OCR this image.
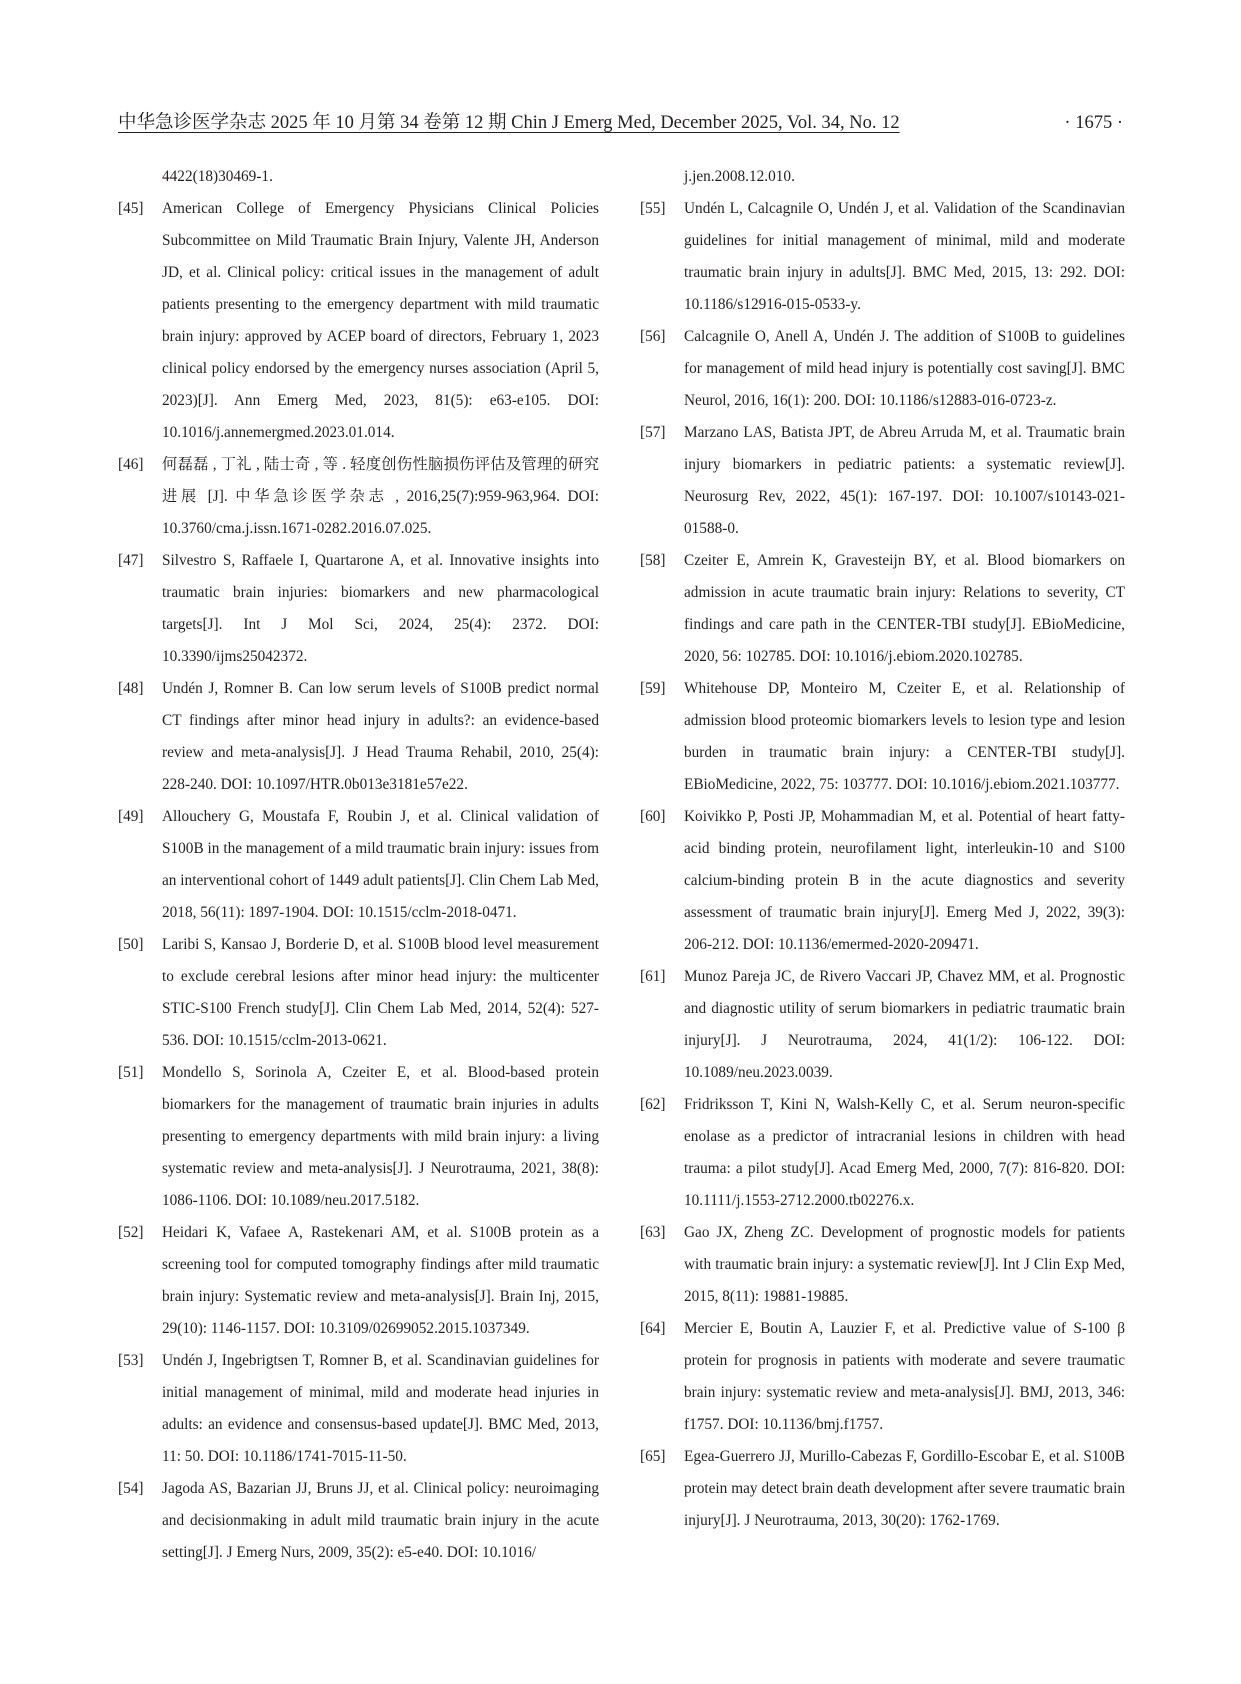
中华急诊医学杂志 2025 年 10 月第 34 卷第 12 期 Chin J Emerg Med, December 2025, Vol. 34, No. 12	· 1675 ·
4422(18)30469-1.
[45] American College of Emergency Physicians Clinical Policies Subcommittee on Mild Traumatic Brain Injury, Valente JH, Anderson JD, et al. Clinical policy: critical issues in the management of adult patients presenting to the emergency department with mild traumatic brain injury: approved by ACEP board of directors, February 1, 2023 clinical policy endorsed by the emergency nurses association (April 5, 2023)[J]. Ann Emerg Med, 2023, 81(5): e63-e105. DOI: 10.1016/j.annemergmed.2023.01.014.
[46] 何磊磊 , 丁礼 , 陆士奇 , 等 . 轻度创伤性脑损伤评估及管理的研究进展 [J]. 中华急诊医学杂志 , 2016,25(7):959-963,964. DOI: 10.3760/cma.j.issn.1671-0282.2016.07.025.
[47] Silvestro S, Raffaele I, Quartarone A, et al. Innovative insights into traumatic brain injuries: biomarkers and new pharmacological targets[J]. Int J Mol Sci, 2024, 25(4): 2372. DOI: 10.3390/ijms25042372.
[48] Undén J, Romner B. Can low serum levels of S100B predict normal CT findings after minor head injury in adults?: an evidence-based review and meta-analysis[J]. J Head Trauma Rehabil, 2010, 25(4): 228-240. DOI: 10.1097/HTR.0b013e3181e57e22.
[49] Allouchery G, Moustafa F, Roubin J, et al. Clinical validation of S100B in the management of a mild traumatic brain injury: issues from an interventional cohort of 1449 adult patients[J]. Clin Chem Lab Med, 2018, 56(11): 1897-1904. DOI: 10.1515/cclm-2018-0471.
[50] Laribi S, Kansao J, Borderie D, et al. S100B blood level measurement to exclude cerebral lesions after minor head injury: the multicenter STIC-S100 French study[J]. Clin Chem Lab Med, 2014, 52(4): 527-536. DOI: 10.1515/cclm-2013-0621.
[51] Mondello S, Sorinola A, Czeiter E, et al. Blood-based protein biomarkers for the management of traumatic brain injuries in adults presenting to emergency departments with mild brain injury: a living systematic review and meta-analysis[J]. J Neurotrauma, 2021, 38(8): 1086-1106. DOI: 10.1089/neu.2017.5182.
[52] Heidari K, Vafaee A, Rastekenari AM, et al. S100B protein as a screening tool for computed tomography findings after mild traumatic brain injury: Systematic review and meta-analysis[J]. Brain Inj, 2015, 29(10): 1146-1157. DOI: 10.3109/02699052.2015.1037349.
[53] Undén J, Ingebrigtsen T, Romner B, et al. Scandinavian guidelines for initial management of minimal, mild and moderate head injuries in adults: an evidence and consensus-based update[J]. BMC Med, 2013, 11: 50. DOI: 10.1186/1741-7015-11-50.
[54] Jagoda AS, Bazarian JJ, Bruns JJ, et al. Clinical policy: neuroimaging and decisionmaking in adult mild traumatic brain injury in the acute setting[J]. J Emerg Nurs, 2009, 35(2): e5-e40. DOI: 10.1016/
j.jen.2008.12.010.
[55] Undén L, Calcagnile O, Undén J, et al. Validation of the Scandinavian guidelines for initial management of minimal, mild and moderate traumatic brain injury in adults[J]. BMC Med, 2015, 13: 292. DOI: 10.1186/s12916-015-0533-y.
[56] Calcagnile O, Anell A, Undén J. The addition of S100B to guidelines for management of mild head injury is potentially cost saving[J]. BMC Neurol, 2016, 16(1): 200. DOI: 10.1186/s12883-016-0723-z.
[57] Marzano LAS, Batista JPT, de Abreu Arruda M, et al. Traumatic brain injury biomarkers in pediatric patients: a systematic review[J]. Neurosurg Rev, 2022, 45(1): 167-197. DOI: 10.1007/s10143-021-01588-0.
[58] Czeiter E, Amrein K, Gravesteijn BY, et al. Blood biomarkers on admission in acute traumatic brain injury: Relations to severity, CT findings and care path in the CENTER-TBI study[J]. EBioMedicine, 2020, 56: 102785. DOI: 10.1016/j.ebiom.2020.102785.
[59] Whitehouse DP, Monteiro M, Czeiter E, et al. Relationship of admission blood proteomic biomarkers levels to lesion type and lesion burden in traumatic brain injury: a CENTER-TBI study[J]. EBioMedicine, 2022, 75: 103777. DOI: 10.1016/j.ebiom.2021.103777.
[60] Koivikko P, Posti JP, Mohammadian M, et al. Potential of heart fatty-acid binding protein, neurofilament light, interleukin-10 and S100 calcium-binding protein B in the acute diagnostics and severity assessment of traumatic brain injury[J]. Emerg Med J, 2022, 39(3): 206-212. DOI: 10.1136/emermed-2020-209471.
[61] Munoz Pareja JC, de Rivero Vaccari JP, Chavez MM, et al. Prognostic and diagnostic utility of serum biomarkers in pediatric traumatic brain injury[J]. J Neurotrauma, 2024, 41(1/2): 106-122. DOI: 10.1089/neu.2023.0039.
[62] Fridriksson T, Kini N, Walsh-Kelly C, et al. Serum neuron-specific enolase as a predictor of intracranial lesions in children with head trauma: a pilot study[J]. Acad Emerg Med, 2000, 7(7): 816-820. DOI: 10.1111/j.1553-2712.2000.tb02276.x.
[63] Gao JX, Zheng ZC. Development of prognostic models for patients with traumatic brain injury: a systematic review[J]. Int J Clin Exp Med, 2015, 8(11): 19881-19885.
[64] Mercier E, Boutin A, Lauzier F, et al. Predictive value of S-100 β protein for prognosis in patients with moderate and severe traumatic brain injury: systematic review and meta-analysis[J]. BMJ, 2013, 346: f1757. DOI: 10.1136/bmj.f1757.
[65] Egea-Guerrero JJ, Murillo-Cabezas F, Gordillo-Escobar E, et al. S100B protein may detect brain death development after severe traumatic brain injury[J]. J Neurotrauma, 2013, 30(20): 1762-1769.
